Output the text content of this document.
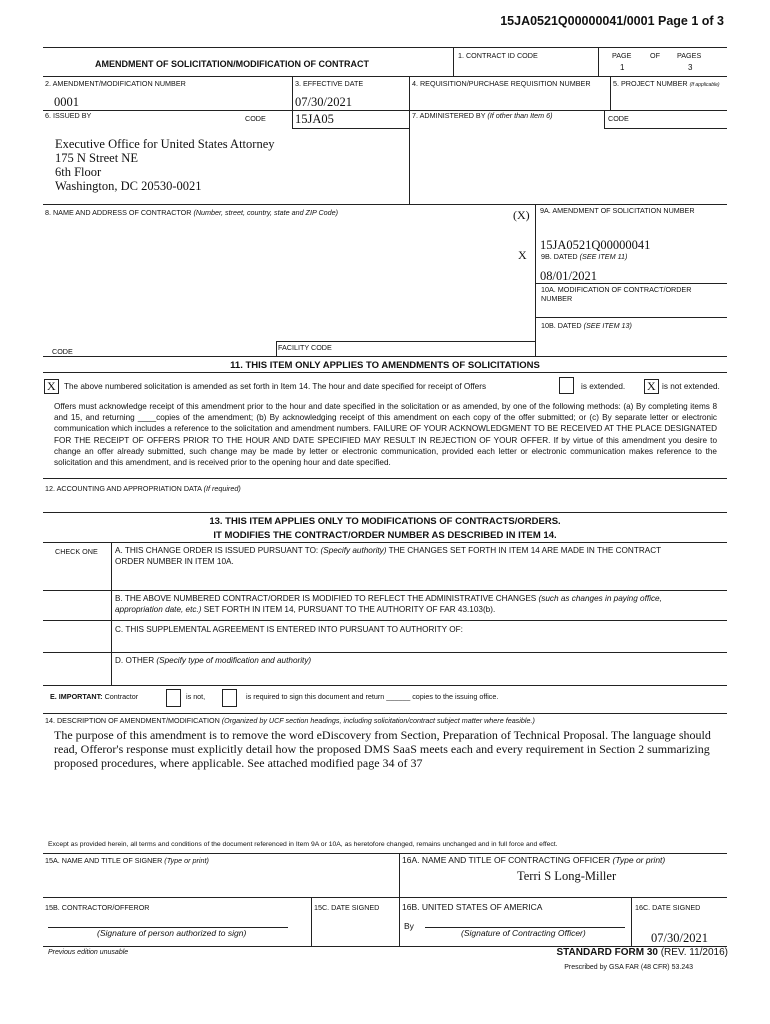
15JA0521Q00000041/0001 Page 1 of 3
AMENDMENT OF SOLICITATION/MODIFICATION OF CONTRACT
1. CONTRACT ID CODE	PAGE	OF PAGES
1	3
2. AMENDMENT/MODIFICATION NUMBER
0001
3. EFFECTIVE DATE
07/30/2021
4. REQUISITION/PURCHASE REQUISITION NUMBER	5. PROJECT NUMBER (If applicable)
6. ISSUED BY	CODE 15JA05	7. ADMINISTERED BY (If other than Item 6)	CODE
Executive Office for United States Attorney
175 N Street NE
6th Floor
Washington, DC 20530-0021
8. NAME AND ADDRESS OF CONTRACTOR (Number, street, country, state and ZIP Code)	(X)
X
9A. AMENDMENT OF SOLICITATION NUMBER
15JA0521Q00000041
9B. DATED (SEE ITEM 11)
08/01/2021
10A. MODIFICATION OF CONTRACT/ORDER
NUMBER
10B. DATED (SEE ITEM 13)
CODE	FACILITY CODE
11. THIS ITEM ONLY APPLIES TO AMENDMENTS OF SOLICITATIONS
X The above numbered solicitation is amended as set forth in Item 14. The hour and date specified for receipt of Offers	is extended. X is not extended.
Offers must acknowledge receipt of this amendment prior to the hour and date specified in the solicitation or as amended, by one of the following methods: (a) By completing items 8 and 15, and returning ____copies of the amendment; (b) By acknowledging receipt of this amendment on each copy of the offer submitted; or (c) By separate letter or electronic communication which includes a reference to the solicitation and amendment numbers. FAILURE OF YOUR ACKNOWLEDGMENT TO BE RECEIVED AT THE PLACE DESIGNATED FOR THE RECEIPT OF OFFERS PRIOR TO THE HOUR AND DATE SPECIFIED MAY RESULT IN REJECTION OF YOUR OFFER. If by virtue of this amendment you desire to change an offer already submitted, such change may be made by letter or electronic communication, provided each letter or electronic communication makes reference to the solicitation and this amendment, and is received prior to the opening hour and date specified.
12. ACCOUNTING AND APPROPRIATION DATA (If required)
13. THIS ITEM APPLIES ONLY TO MODIFICATIONS OF CONTRACTS/ORDERS.
IT MODIFIES THE CONTRACT/ORDER NUMBER AS DESCRIBED IN ITEM 14.
CHECK ONE A. THIS CHANGE ORDER IS ISSUED PURSUANT TO: (Specify authority) THE CHANGES SET FORTH IN ITEM 14 ARE MADE IN THE CONTRACT
ORDER NUMBER IN ITEM 10A.
B. THE ABOVE NUMBERED CONTRACT/ORDER IS MODIFIED TO REFLECT THE ADMINISTRATIVE CHANGES (such as changes in paying office,
appropriation date, etc.) SET FORTH IN ITEM 14, PURSUANT TO THE AUTHORITY OF FAR 43.103(b).
C. THIS SUPPLEMENTAL AGREEMENT IS ENTERED INTO PURSUANT TO AUTHORITY OF:
D. OTHER (Specify type of modification and authority)
E. IMPORTANT: Contractor	is not,	is required to sign this document and return ______ copies to the issuing office.
14. DESCRIPTION OF AMENDMENT/MODIFICATION (Organized by UCF section headings, including solicitation/contract subject matter where feasible.)
The purpose of this amendment is to remove the word eDiscovery from Section, Preparation of Technical Proposal. The language should read, Offeror's response must explicitly detail how the proposed DMS SaaS meets each and every requirement in Section 2 summarizing proposed procedures, where applicable. See attached modified page 34 of 37
Except as provided herein, all terms and conditions of the document referenced in Item 9A or 10A, as heretofore changed, remains unchanged and in full force and effect.
15A. NAME AND TITLE OF SIGNER (Type or print)	16A. NAME AND TITLE OF CONTRACTING OFFICER (Type or print)
Terri S Long-Miller
15B. CONTRACTOR/OFFEROR	15C. DATE SIGNED	16B. UNITED STATES OF AMERICA	16C. DATE SIGNED
By
(Signature of person authorized to sign)	(Signature of Contracting Officer)	07/30/2021
Previous edition unusable	STANDARD FORM 30 (REV. 11/2016)
Prescribed by GSA FAR (48 CFR) 53.243
